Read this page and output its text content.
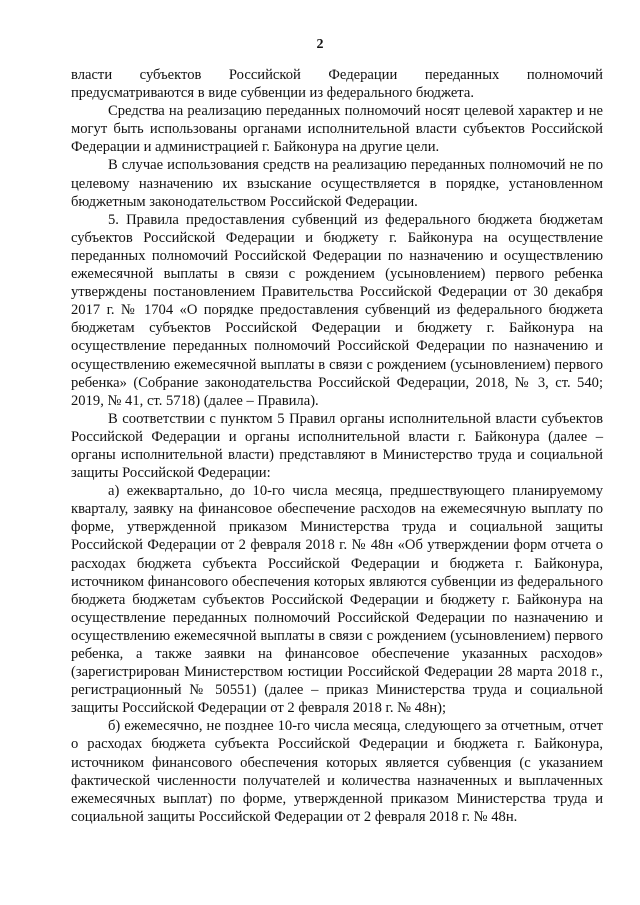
2

власти субъектов Российской Федерации переданных полномочий предусматриваются в виде субвенции из федерального бюджета.

Средства на реализацию переданных полномочий носят целевой характер и не могут быть использованы органами исполнительной власти субъектов Российской Федерации и администрацией г. Байконура на другие цели.

В случае использования средств на реализацию переданных полномочий не по целевому назначению их взыскание осуществляется в порядке, установленном бюджетным законодательством Российской Федерации.

5. Правила предоставления субвенций из федерального бюджета бюджетам субъектов Российской Федерации и бюджету г. Байконура на осуществление переданных полномочий Российской Федерации по назначению и осуществлению ежемесячной выплаты в связи с рождением (усыновлением) первого ребенка утверждены постановлением Правительства Российской Федерации от 30 декабря 2017 г. № 1704 «О порядке предоставления субвенций из федерального бюджета бюджетам субъектов Российской Федерации и бюджету г. Байконура на осуществление переданных полномочий Российской Федерации по назначению и осуществлению ежемесячной выплаты в связи с рождением (усыновлением) первого ребенка» (Собрание законодательства Российской Федерации, 2018, № 3, ст. 540; 2019, № 41, ст. 5718) (далее – Правила).

В соответствии с пунктом 5 Правил органы исполнительной власти субъектов Российской Федерации и органы исполнительной власти г. Байконура (далее – органы исполнительной власти) представляют в Министерство труда и социальной защиты Российской Федерации:

а) ежеквартально, до 10-го числа месяца, предшествующего планируемому кварталу, заявку на финансовое обеспечение расходов на ежемесячную выплату по форме, утвержденной приказом Министерства труда и социальной защиты Российской Федерации от 2 февраля 2018 г. № 48н «Об утверждении форм отчета о расходах бюджета субъекта Российской Федерации и бюджета г. Байконура, источником финансового обеспечения которых являются субвенции из федерального бюджета бюджетам субъектов Российской Федерации и бюджету г. Байконура на осуществление переданных полномочий Российской Федерации по назначению и осуществлению ежемесячной выплаты в связи с рождением (усыновлением) первого ребенка, а также заявки на финансовое обеспечение указанных расходов» (зарегистрирован Министерством юстиции Российской Федерации 28 марта 2018 г., регистрационный № 50551) (далее – приказ Министерства труда и социальной защиты Российской Федерации от 2 февраля 2018 г. № 48н);

б) ежемесячно, не позднее 10-го числа месяца, следующего за отчетным, отчет о расходах бюджета субъекта Российской Федерации и бюджета г. Байконура, источником финансового обеспечения которых является субвенция (с указанием фактической численности получателей и количества назначенных и выплаченных ежемесячных выплат) по форме, утвержденной приказом Министерства труда и социальной защиты Российской Федерации от 2 февраля 2018 г. № 48н.
